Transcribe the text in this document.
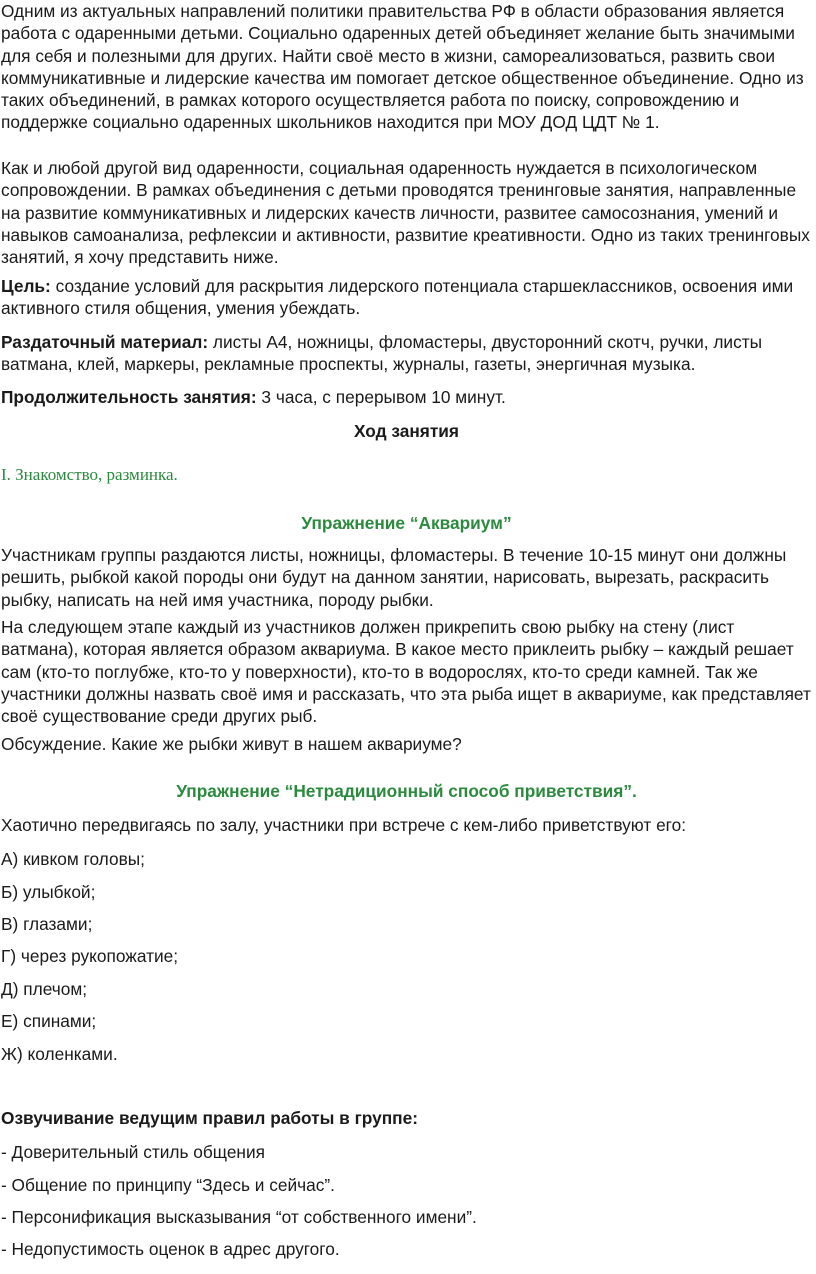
Одним из актуальных направлений политики правительства РФ в области образования является работа с одаренными детьми. Социально одаренных детей объединяет желание быть значимыми для себя и полезными для других. Найти своё место в жизни, самореализоваться, развить свои коммуникативные и лидерские качества им помогает детское общественное объединение. Одно из таких объединений, в рамках которого осуществляется работа по поиску, сопровождению и поддержке социально одаренных школьников находится при МОУ ДОД ЦДТ № 1.

Как и любой другой вид одаренности, социальная одаренность нуждается в психологическом сопровождении. В рамках объединения с детьми проводятся тренинговые занятия, направленные на развитие коммуникативных и лидерских качеств личности, развитее самосознания, умений и навыков самоанализа, рефлексии и активности, развитие креативности. Одно из таких тренинговых занятий, я хочу представить ниже.

Цель: создание условий для раскрытия лидерского потенциала старшеклассников, освоения ими активного стиля общения, умения убеждать.

Раздаточный материал: листы А4, ножницы, фломастеры, двусторонний скотч, ручки, листы ватмана, клей, маркеры, рекламные проспекты, журналы, газеты, энергичная музыка.

Продолжительность занятия: 3 часа, с перерывом 10 минут.

Ход занятия

I. Знакомство, разминка.

Упражнение “Аквариум”

Участникам группы раздаются листы, ножницы, фломастеры. В течение 10-15 минут они должны решить, рыбкой какой породы они будут на данном занятии, нарисовать, вырезать, раскрасить рыбку, написать на ней имя участника, породу рыбки.

На следующем этапе каждый из участников должен прикрепить свою рыбку на стену (лист ватмана), которая является образом аквариума. В какое место приклеить рыбку – каждый решает сам (кто-то поглубже, кто-то у поверхности), кто-то в водорослях, кто-то среди камней. Так же участники должны назвать своё имя и рассказать, что эта рыба ищет в аквариуме, как представляет своё существование среди других рыб.

Обсуждение. Какие же рыбки живут в нашем аквариуме?

Упражнение “Нетрадиционный способ приветствия”.

Хаотично передвигаясь по залу, участники при встрече с кем-либо приветствуют его:

А) кивком головы;

Б) улыбкой;

В) глазами;

Г) через рукопожатие;

Д) плечом;

Е) спинами;

Ж) коленками.

Озвучивание ведущим правил работы в группе:

- Доверительный стиль общения

- Общение по принципу “Здесь и сейчас”.

- Персонификация высказывания “от собственного имени”.

- Недопустимость оценок в адрес другого.
